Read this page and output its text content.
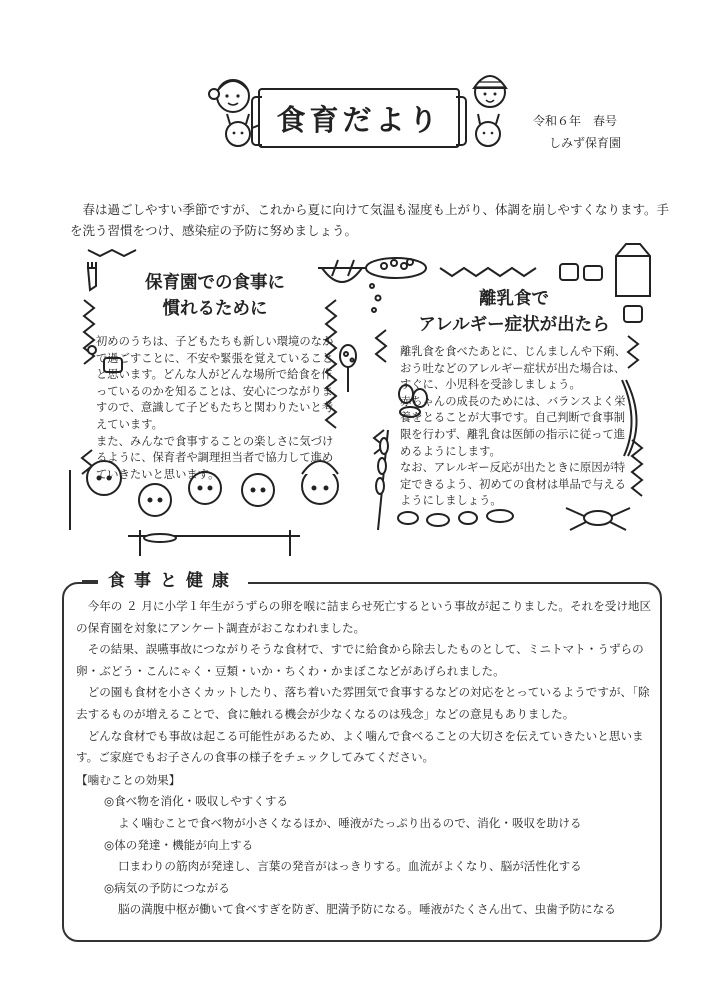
食育だより	令和６年　春号
しみず保育園

春は過ごしやすい季節ですが、これから夏に向けて気温も湿度も上がり、体調を崩しやすくなります。手を洗う習慣をつけ、感染症の予防に努めましょう。

保育園での食事に
慣れるために

初めのうちは、子どもたちも新しい環境のなかで過ごすことに、不安や緊張を覚えていることと思います。どんな人がどんな場所で給食を作っているのかを知ることは、安心につながりますので、意識して子どもたちと関わりたいと考えています。

また、みんなで食事することの楽しさに気づけるように、保育者や調理担当者で協力して進めていきたいと思います。

離乳食で
アレルギー症状が出たら

離乳食を食べたあとに、じんましんや下痢、おう吐などのアレルギー症状が出た場合は、すぐに、小児科を受診しましょう。

赤ちゃんの成長のためには、バランスよく栄養をとることが大事です。自己判断で食事制限を行わず、離乳食は医師の指示に従って進めるようにします。

なお、アレルギー反応が出たときに原因が特定できるよう、初めての食材は単品で与えるようにしましょう。

食事と健康

今年の ２ 月に小学１年生がうずらの卵を喉に詰まらせ死亡するという事故が起こりました。それを受け地区の保育園を対象にアンケート調査がおこなわれました。

その結果、誤嚥事故につながりそうな食材で、すでに給食から除去したものとして、ミニトマト・うずらの卵・ぶどう・こんにゃく・豆類・いか・ちくわ・かまぼこなどがあげられました。

どの園も食材を小さくカットしたり、落ち着いた雰囲気で食事するなどの対応をとっているようですが、「除去するものが増えることで、食に触れる機会が少なくなるのは残念」などの意見もありました。

どんな食材でも事故は起こる可能性があるため、よく噛んで食べることの大切さを伝えていきたいと思います。ご家庭でもお子さんの食事の様子をチェックしてみてください。

【噛むことの効果】

◎食べ物を消化・吸収しやすくする

よく噛むことで食べ物が小さくなるほか、唾液がたっぷり出るので、消化・吸収を助ける

◎体の発達・機能が向上する

口まわりの筋肉が発達し、言葉の発音がはっきりする。血流がよくなり、脳が活性化する

◎病気の予防につながる

脳の満腹中枢が働いて食べすぎを防ぎ、肥満予防になる。唾液がたくさん出て、虫歯予防になる
